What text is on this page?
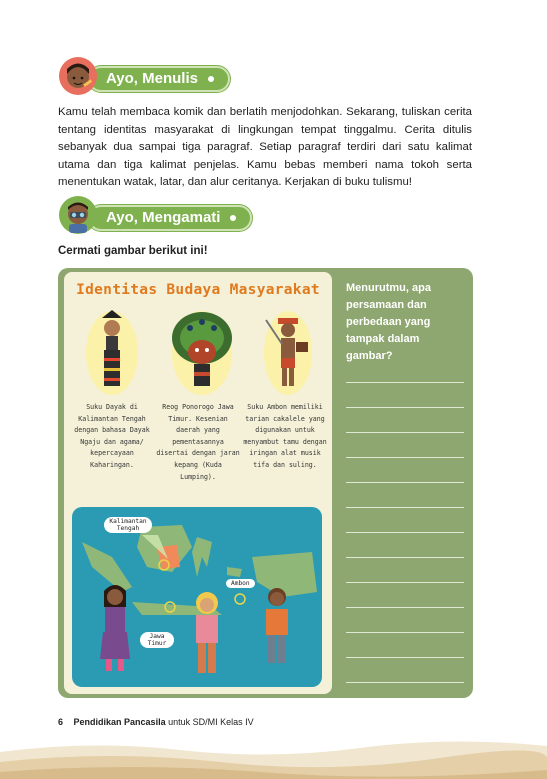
Ayo, Menulis
Kamu telah membaca komik dan berlatih menjodohkan. Sekarang, tuliskan cerita tentang identitas masyarakat di lingkungan tempat tinggalmu. Cerita ditulis sebanyak dua sampai tiga paragraf. Setiap paragraf terdiri dari satu kalimat utama dan tiga kalimat penjelas. Kamu bebas memberi nama tokoh serta menentukan watak, latar, dan alur ceritanya. Kerjakan di buku tulismu!
Ayo, Mengamati
Cermati gambar berikut ini!
Identitas Budaya Masyarakat
Suku Dayak di Kalimantan Tengah dengan bahasa Dayak Ngaju dan agama/ kepercayaan Kaharingan.
Reog Ponorogo Jawa Timur. Kesenian daerah yang pementasannya disertai dengan jaran kepang (Kuda Lumping).
Suku Ambon memiliki tarian cakalele yang digunakan untuk menyambut tamu dengan iringan alat musik tifa dan suling.
Kalimantan Tengah
Ambon
Jawa Timur
Menurutmu, apa persamaan dan perbedaan yang tampak dalam gambar?
6 Pendidikan Pancasila untuk SD/MI Kelas IV
